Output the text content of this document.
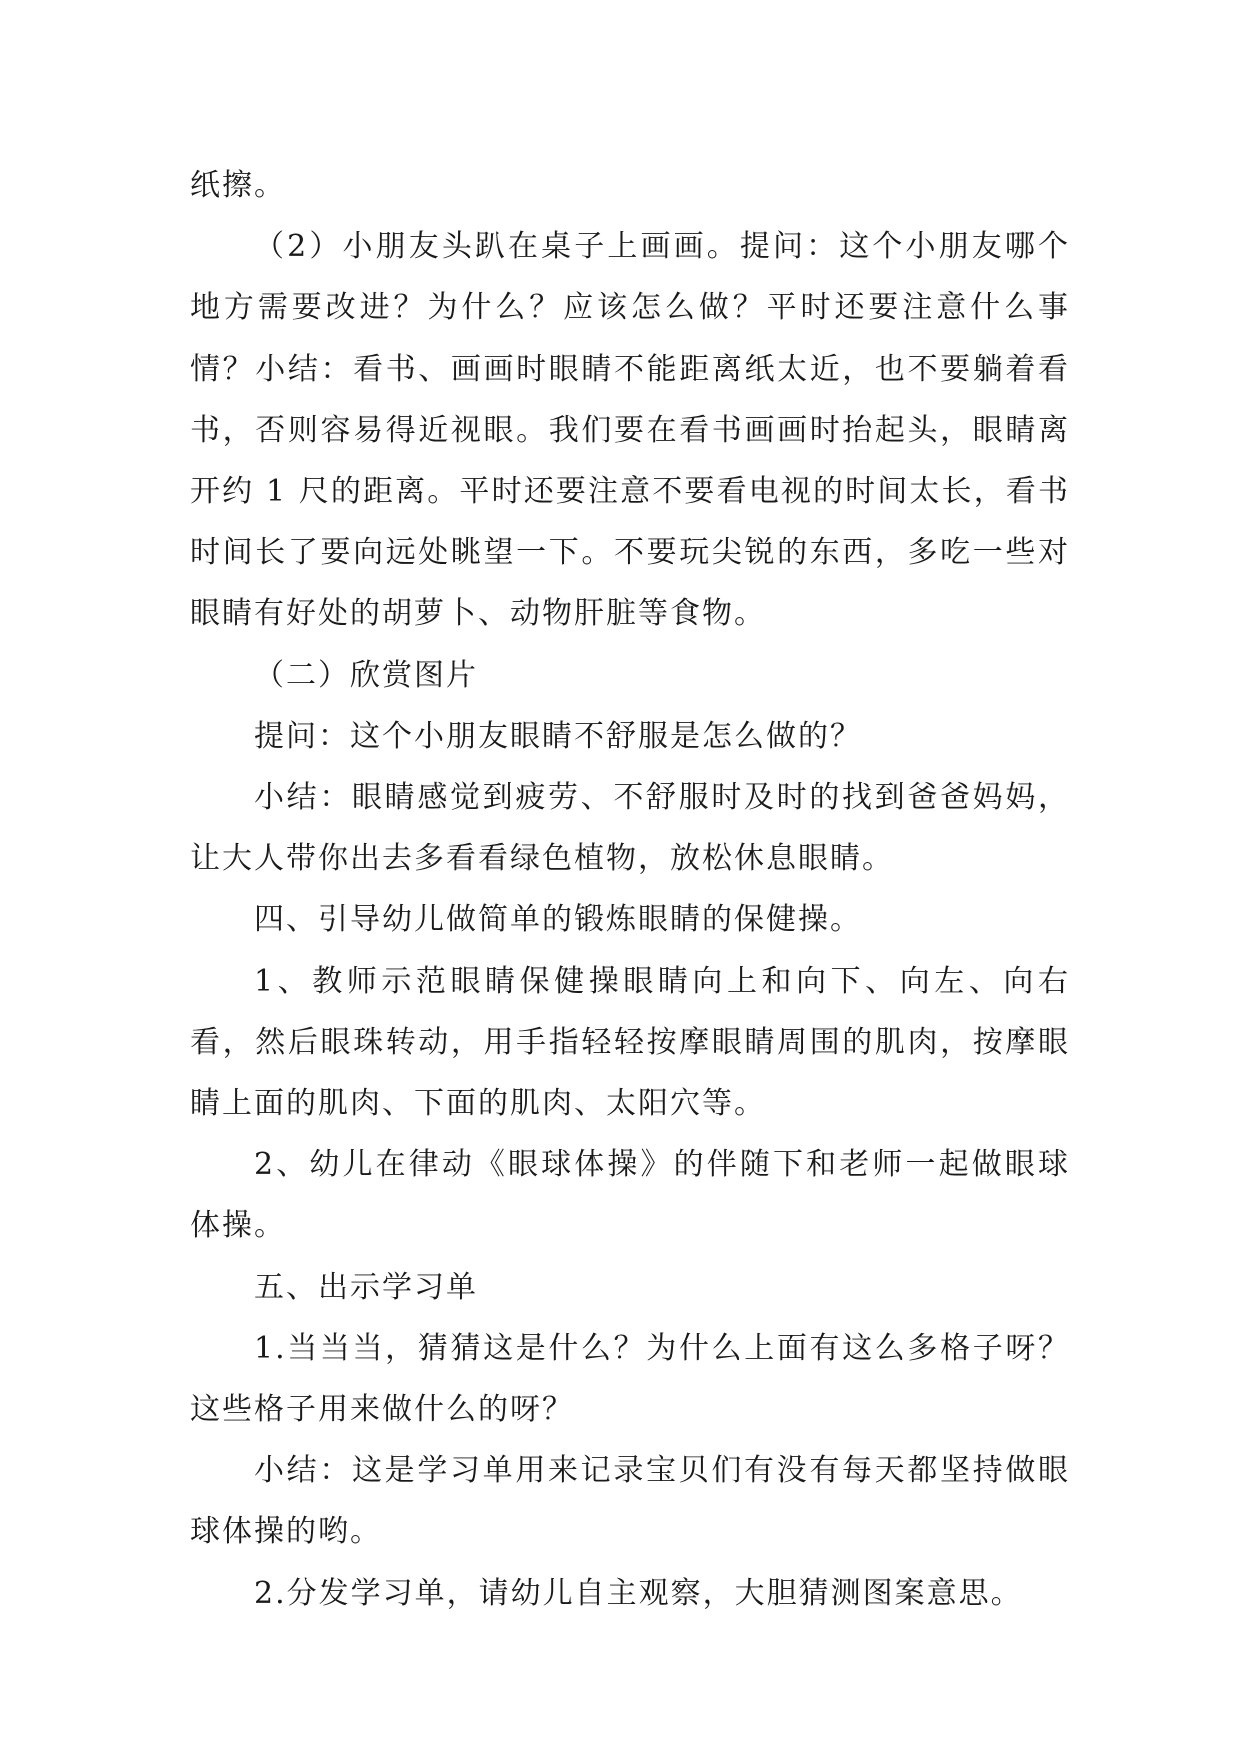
纸擦。

（2）小朋友头趴在桌子上画画。提问：这个小朋友哪个地方需要改进？为什么？应该怎么做？平时还要注意什么事情？小结：看书、画画时眼睛不能距离纸太近，也不要躺着看书，否则容易得近视眼。我们要在看书画画时抬起头，眼睛离开约 1 尺的距离。平时还要注意不要看电视的时间太长，看书时间长了要向远处眺望一下。不要玩尖锐的东西，多吃一些对眼睛有好处的胡萝卜、动物肝脏等食物。

（二）欣赏图片

提问：这个小朋友眼睛不舒服是怎么做的？

小结：眼睛感觉到疲劳、不舒服时及时的找到爸爸妈妈，让大人带你出去多看看绿色植物，放松休息眼睛。

四、引导幼儿做简单的锻炼眼睛的保健操。

1、教师示范眼睛保健操眼睛向上和向下、向左、向右看，然后眼珠转动，用手指轻轻按摩眼睛周围的肌肉，按摩眼睛上面的肌肉、下面的肌肉、太阳穴等。

2、幼儿在律动《眼球体操》的伴随下和老师一起做眼球体操。

五、出示学习单

1.当当当，猜猜这是什么？为什么上面有这么多格子呀？这些格子用来做什么的呀？

小结：这是学习单用来记录宝贝们有没有每天都坚持做眼球体操的哟。

2.分发学习单，请幼儿自主观察，大胆猜测图案意思。
